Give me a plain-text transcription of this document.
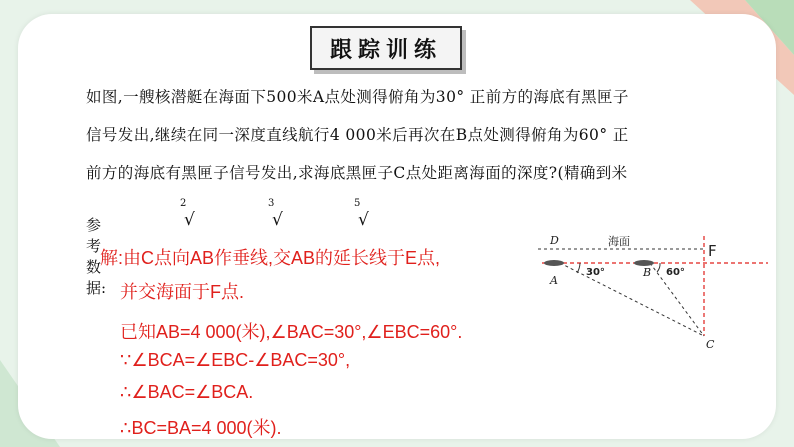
跟踪训练
如图,一艘核潜艇在海面下500米A点处测得俯角为30° 正前方的海底有黑匣子
信号发出,继续在同一深度直线航行4 000米后再次在B点处测得俯角为60° 正
前方的海底有黑匣子信号发出,求海底黑匣子C点处距离海面的深度?(精确到米
参考数据:
2
√
3
√
5
√
解:由C点向AB作垂线,交AB的延长线于E点,
并交海面于F点.
已知AB=4 000(米),∠BAC=30°,∠EBC=60°.
∵∠BCA=∠EBC-∠BAC=30°,
∴∠BAC=∠BCA.
∴BC=BA=4 000(米).
D	海面
F
A
B
C
30°	60°
